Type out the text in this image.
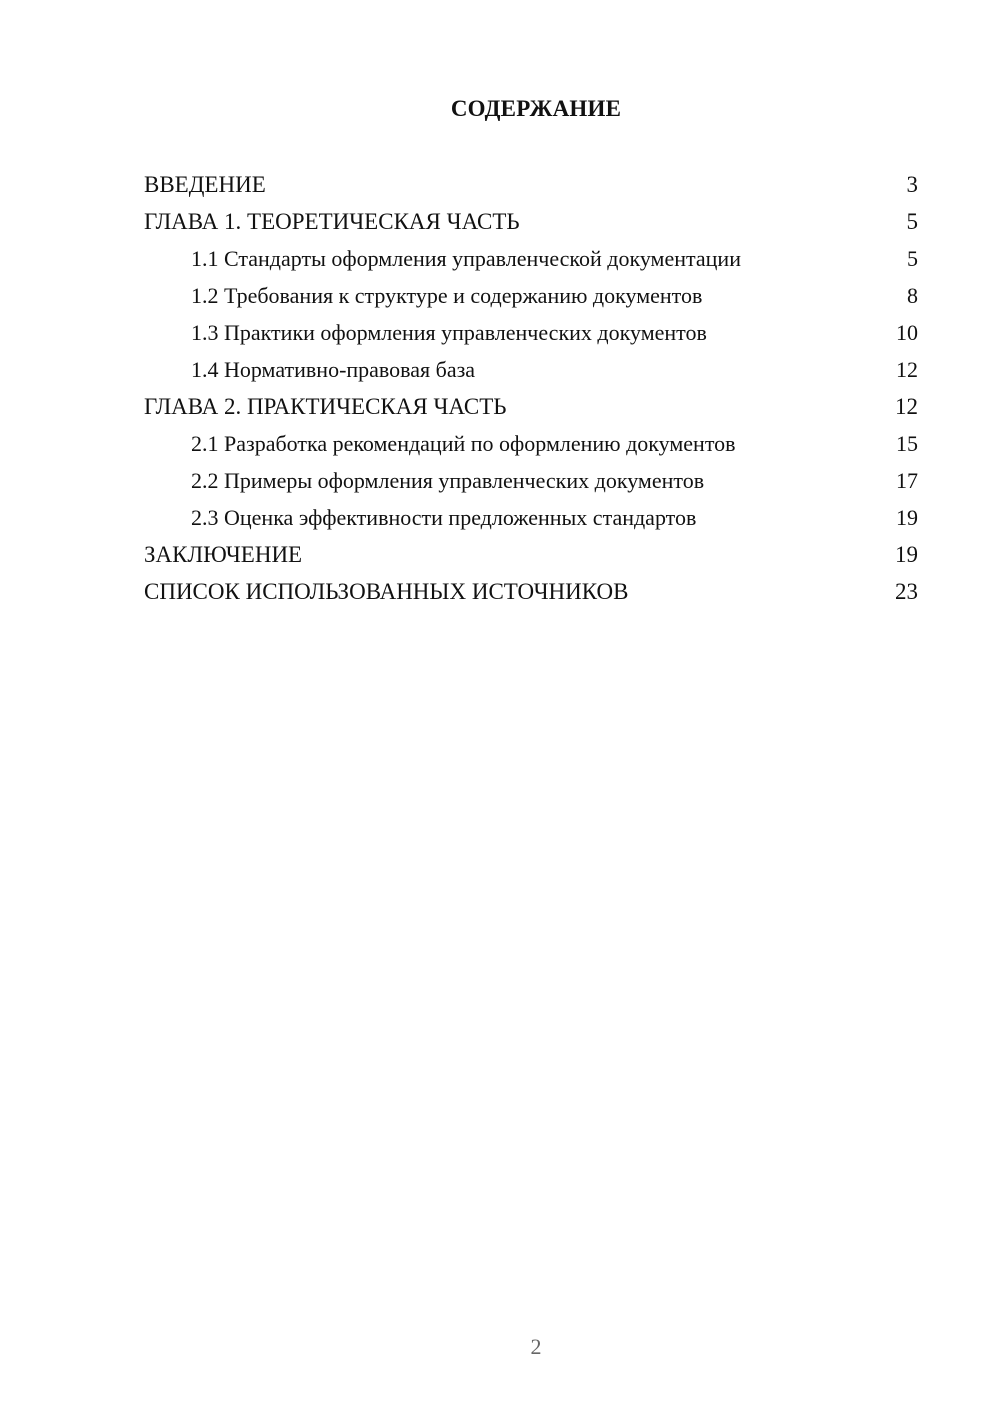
СОДЕРЖАНИЕ
ВВЕДЕНИЕ	3
ГЛАВА 1. ТЕОРЕТИЧЕСКАЯ ЧАСТЬ	5
1.1 Стандарты оформления управленческой документации	5
1.2 Требования к структуре и содержанию документов	8
1.3 Практики оформления управленческих документов	10
1.4 Нормативно-правовая база	12
ГЛАВА 2. ПРАКТИЧЕСКАЯ ЧАСТЬ	12
2.1 Разработка рекомендаций по оформлению документов	15
2.2 Примеры оформления управленческих документов	17
2.3 Оценка эффективности предложенных стандартов	19
ЗАКЛЮЧЕНИЕ	19
СПИСОК ИСПОЛЬЗОВАННЫХ ИСТОЧНИКОВ	23
2
